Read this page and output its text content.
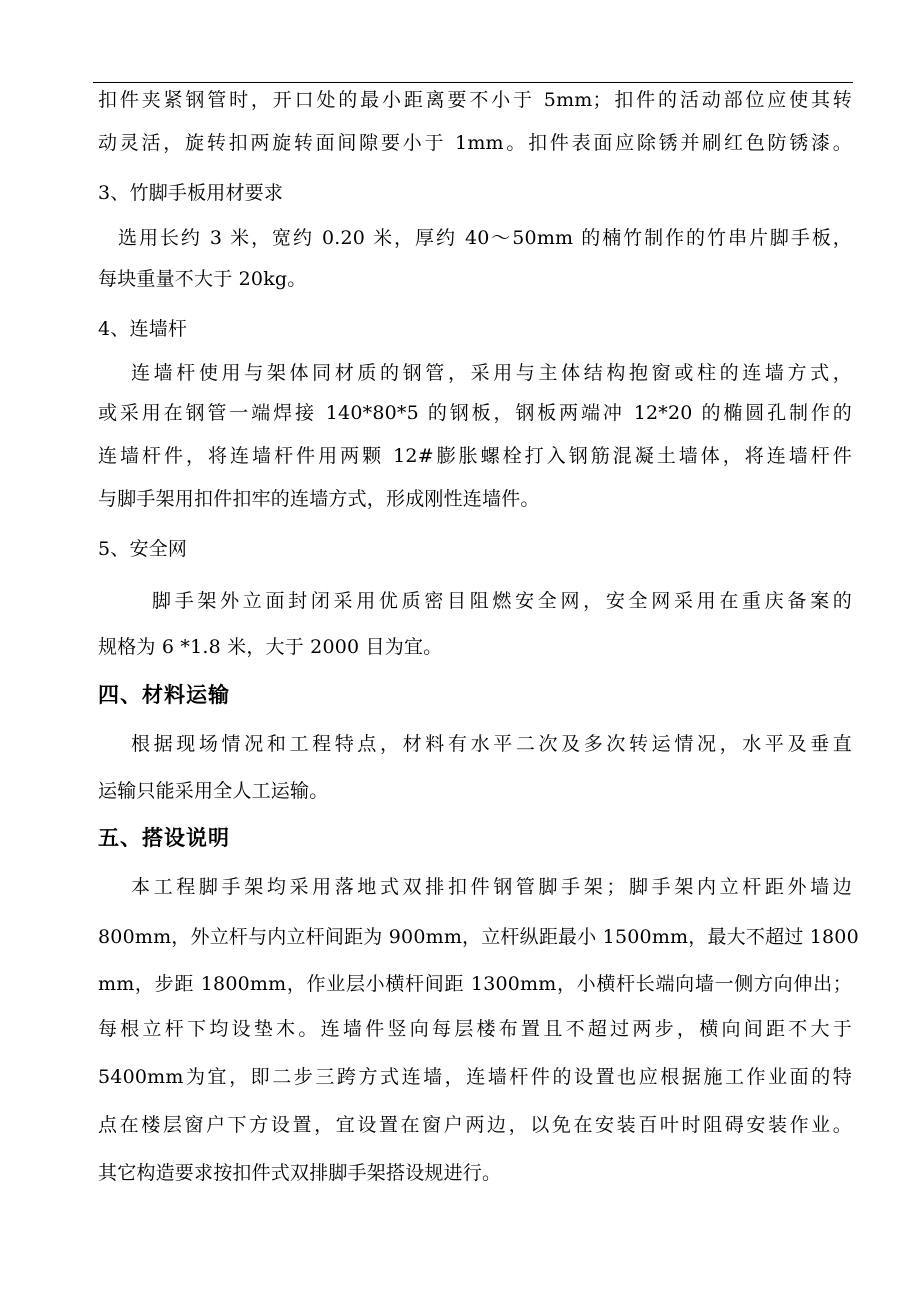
扣件夹紧钢管时，开口处的最小距离要不小于 5mm；扣件的活动部位应使其转
动灵活，旋转扣两旋转面间隙要小于 1mm。扣件表面应除锈并刷红色防锈漆。
3、竹脚手板用材要求
选用长约 3 米，宽约 0.20 米，厚约 40～50mm 的楠竹制作的竹串片脚手板，
每块重量不大于 20kg。
4、连墙杆
连墙杆使用与架体同材质的钢管，采用与主体结构抱窗或柱的连墙方式，
或采用在钢管一端焊接 140*80*5 的钢板，钢板两端冲 12*20 的椭圆孔制作的
连墙杆件，将连墙杆件用两颗 12#膨胀螺栓打入钢筋混凝土墙体，将连墙杆件
与脚手架用扣件扣牢的连墙方式，形成刚性连墙件。
5、安全网
脚手架外立面封闭采用优质密目阻燃安全网，安全网采用在重庆备案的
规格为 6 *1.8 米，大于 2000 目为宜。
四、材料运输
根据现场情况和工程特点，材料有水平二次及多次转运情况，水平及垂直
运输只能采用全人工运输。
五、搭设说明
本工程脚手架均采用落地式双排扣件钢管脚手架；脚手架内立杆距外墙边
800mm，外立杆与内立杆间距为 900mm，立杆纵距最小 1500mm，最大不超过 1800
mm，步距 1800mm，作业层小横杆间距 1300mm，小横杆长端向墙一侧方向伸出；
每根立杆下均设垫木。连墙件竖向每层楼布置且不超过两步，横向间距不大于
5400mm为宜，即二步三跨方式连墙，连墙杆件的设置也应根据施工作业面的特
点在楼层窗户下方设置，宜设置在窗户两边，以免在安装百叶时阻碍安装作业。
其它构造要求按扣件式双排脚手架搭设规进行。
